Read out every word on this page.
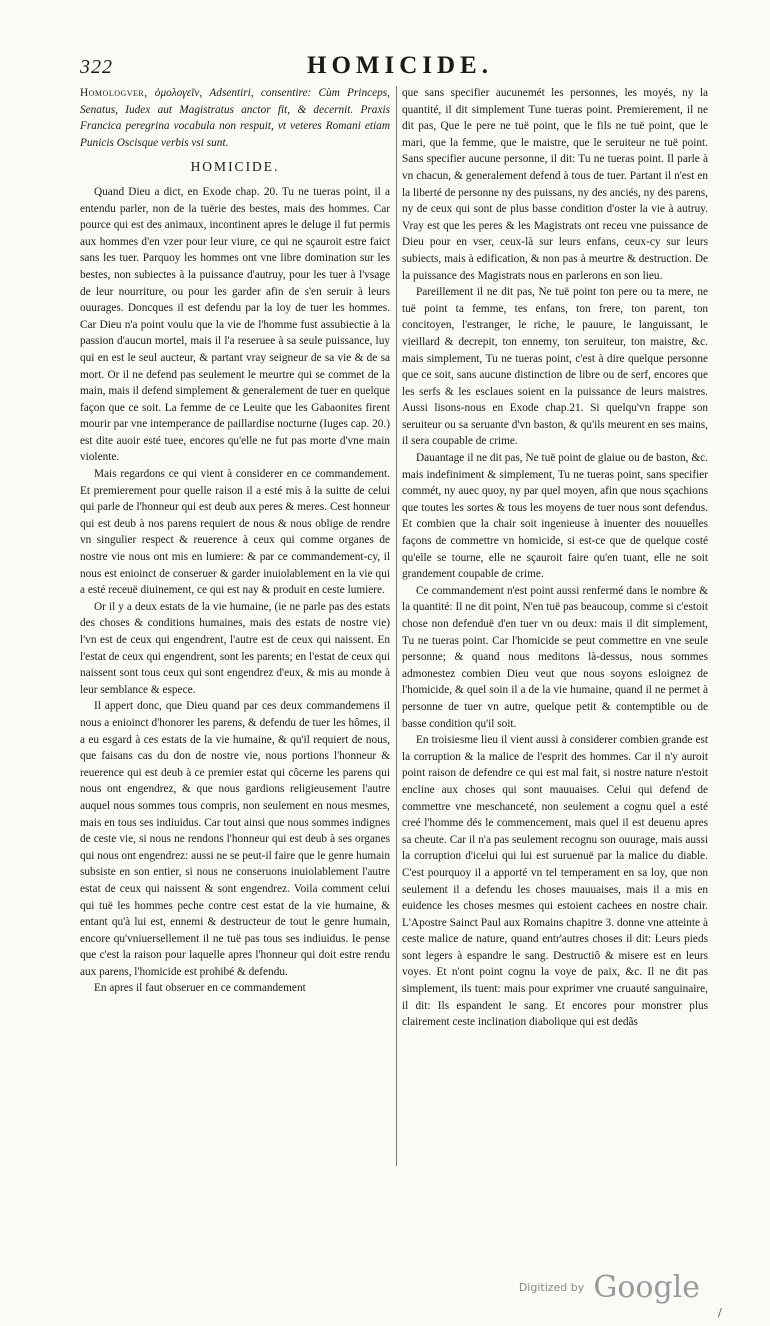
322	HOMICIDE.

Homologver, ὁμολογεῖν, Adsentiri, consentire: Cùm Princeps, Senatus, Iudex aut Magistratus anctor fit, & decernit. Praxis Francica peregrina vocabula non respuit, vt veteres Romani etiam Punicis Oscisque verbis vsi sunt.

HOMICIDE.

Quand Dieu a dict, en Exode chap. 20. Tu ne tueras point, il a entendu parler, non de la tuërie des bestes, mais des hommes. Car pource qui est des animaux, incontinent apres le deluge il fut permis aux hommes d'en vzer pour leur viure, ce qui ne sçauroit estre faict sans les tuer. Parquoy les hommes ont vne libre domination sur les bestes, non subiectes à la puissance d'autruy, pour les tuer à l'vsage de leur nourriture, ou pour les garder afin de s'en seruir à leurs ouurages. Doncques il est defendu par la loy de tuer les hommes. Car Dieu n'a point voulu que la vie de l'homme fust assubiectie à la passion d'aucun mortel, mais il l'a reseruee à sa seule puissance, luy qui en est le seul aucteur, & partant vray seigneur de sa vie & de sa mort. Or il ne defend pas seulement le meurtre qui se commet de la main, mais il defend simplement & generalement de tuer en quelque façon que ce soit. La femme de ce Leuite que les Gabaonites firent mourir par vne intemperance de paillardise nocturne (Iuges cap. 20.) est dite auoir esté tuee, encores qu'elle ne fut pas morte d'vne main violente.

Mais regardons ce qui vient à considerer en ce commandement. Et premierement pour quelle raison il a esté mis à la suitte de celui qui parle de l'honneur qui est deub aux peres & meres. Cest honneur qui est deub à nos parens requiert de nous & nous oblige de rendre vn singulier respect & reuerence à ceux qui comme organes de nostre vie nous ont mis en lumiere: & par ce commandement-cy, il nous est enioinct de conseruer & garder inuiolablement en la vie qui a esté receuë diuinement, ce qui est nay & produit en ceste lumiere.

Or il y a deux estats de la vie humaine, (ie ne parle pas des estats des choses & conditions humaines, mais des estats de nostre vie) l'vn est de ceux qui engendrent, l'autre est de ceux qui naissent. En l'estat de ceux qui engendrent, sont les parents; en l'estat de ceux qui naissent sont tous ceux qui sont engendrez d'eux, & mis au monde à leur semblance & espece.

Il appert donc, que Dieu quand par ces deux commandemens il nous a enioinct d'honorer les parens, & defendu de tuer les hômes, il a eu esgard à ces estats de la vie humaine, & qu'il requiert de nous, que faisans cas du don de nostre vie, nous portions l'honneur & reuerence qui est deub à ce premier estat qui côcerne les parens qui nous ont engendrez, & que nous gardions religieusement l'autre auquel nous sommes tous compris, non seulement en nous mesmes, mais en tous ses indiuidus. Car tout ainsi que nous sommes indignes de ceste vie, si nous ne rendons l'honneur qui est deub à ses organes qui nous ont engendrez: aussi ne se peut-il faire que le genre humain subsiste en son entier, si nous ne conseruons inuiolablement l'autre estat de ceux qui naissent & sont engendrez. Voila comment celui qui tuë les hommes peche contre cest estat de la vie humaine, & entant qu'à lui est, ennemi & destructeur de tout le genre humain, encore qu'vniuersellement il ne tuë pas tous ses indiuidus. Ie pense que c'est la raison pour laquelle apres l'honneur qui doit estre rendu aux parens, l'homicide est prohibé & defendu.

En apres il faut obseruer en ce commandement

que sans specifier aucunemét les personnes, les moyés, ny la quantité, il dit simplement Tune tueras point. Premierement, il ne dit pas, Que le pere ne tuë point, que le fils ne tuë point, que le mari, que la femme, que le maistre, que le seruiteur ne tuë point. Sans specifier aucune personne, il dit: Tu ne tueras point. Il parle à vn chacun, & generalement defend à tous de tuer. Partant il n'est en la liberté de personne ny des puissans, ny des anciés, ny des parens, ny de ceux qui sont de plus basse condition d'oster la vie à autruy. Vray est que les peres & les Magistrats ont receu vne puissance de Dieu pour en vser, ceux-là sur leurs enfans, ceux-cy sur leurs subiects, mais à edification, & non pas à meurtre & destruction. De la puissance des Magistrats nous en parlerons en son lieu.

Pareillement il ne dit pas, Ne tuë point ton pere ou ta mere, ne tuë point ta femme, tes enfans, ton frere, ton parent, ton concitoyen, l'estranger, le riche, le pauure, le languissant, le vieillard & decrepit, ton ennemy, ton seruiteur, ton maistre, &c. mais simplement, Tu ne tueras point, c'est à dire quelque personne que ce soit, sans aucune distinction de libre ou de serf, encores que les serfs & les esclaues soient en la puissance de leurs maistres. Aussi lisons-nous en Exode chap.21. Si quelqu'vn frappe son seruiteur ou sa seruante d'vn baston, & qu'ils meurent en ses mains, il sera coupable de crime.

Dauantage il ne dit pas, Ne tuë point de glaiue ou de baston, &c. mais indefiniment & simplement, Tu ne tueras point, sans specifier commét, ny auec quoy, ny par quel moyen, afin que nous sçachions que toutes les sortes & tous les moyens de tuer nous sont defendus. Et combien que la chair soit ingenieuse à inuenter des nouuelles façons de commettre vn homicide, si est-ce que de quelque costé qu'elle se tourne, elle ne sçauroit faire qu'en tuant, elle ne soit grandement coupable de crime.

Ce commandement n'est point aussi renfermé dans le nombre & la quantité: Il ne dit point, N'en tuë pas beaucoup, comme si c'estoit chose non defenduë d'en tuer vn ou deux: mais il dit simplement, Tu ne tueras point. Car l'homicide se peut commettre en vne seule personne; & quand nous meditons là-dessus, nous sommes admonestez combien Dieu veut que nous soyons esloignez de l'homicide, & quel soin il a de la vie humaine, quand il ne permet à personne de tuer vn autre, quelque petit & contemptible ou de basse condition qu'il soit.

En troisiesme lieu il vient aussi à considerer combien grande est la corruption & la malice de l'esprit des hommes. Car il n'y auroit point raison de defendre ce qui est mal fait, si nostre nature n'estoit encline aux choses qui sont mauuaises. Celui qui defend de commettre vne meschanceté, non seulement a cognu quel a esté creé l'homme dés le commencement, mais quel il est deuenu apres sa cheute. Car il n'a pas seulement recognu son ouurage, mais aussi la corruption d'icelui qui lui est suruenuë par la malice du diable. C'est pourquoy il a apporté vn tel temperament en sa loy, que non seulement il a defendu les choses mauuaises, mais il a mis en euidence les choses mesmes qui estoient cachees en nostre chair. L'Apostre Sainct Paul aux Romains chapitre 3. donne vne atteinte à ceste malice de nature, quand entr'autres choses il dit: Leurs pieds sont legers à espandre le sang. Destructiô & misere est en leurs voyes. Et n'ont point cognu la voye de paix, &c. Il ne dit pas simplement, ils tuent: mais pour exprimer vne cruauté sanguinaire, il dit: Ils espandent le sang. Et encores pour monstrer plus clairement ceste inclination diabolique qui est dedãs

$^{Digitized by}$ Google
/
